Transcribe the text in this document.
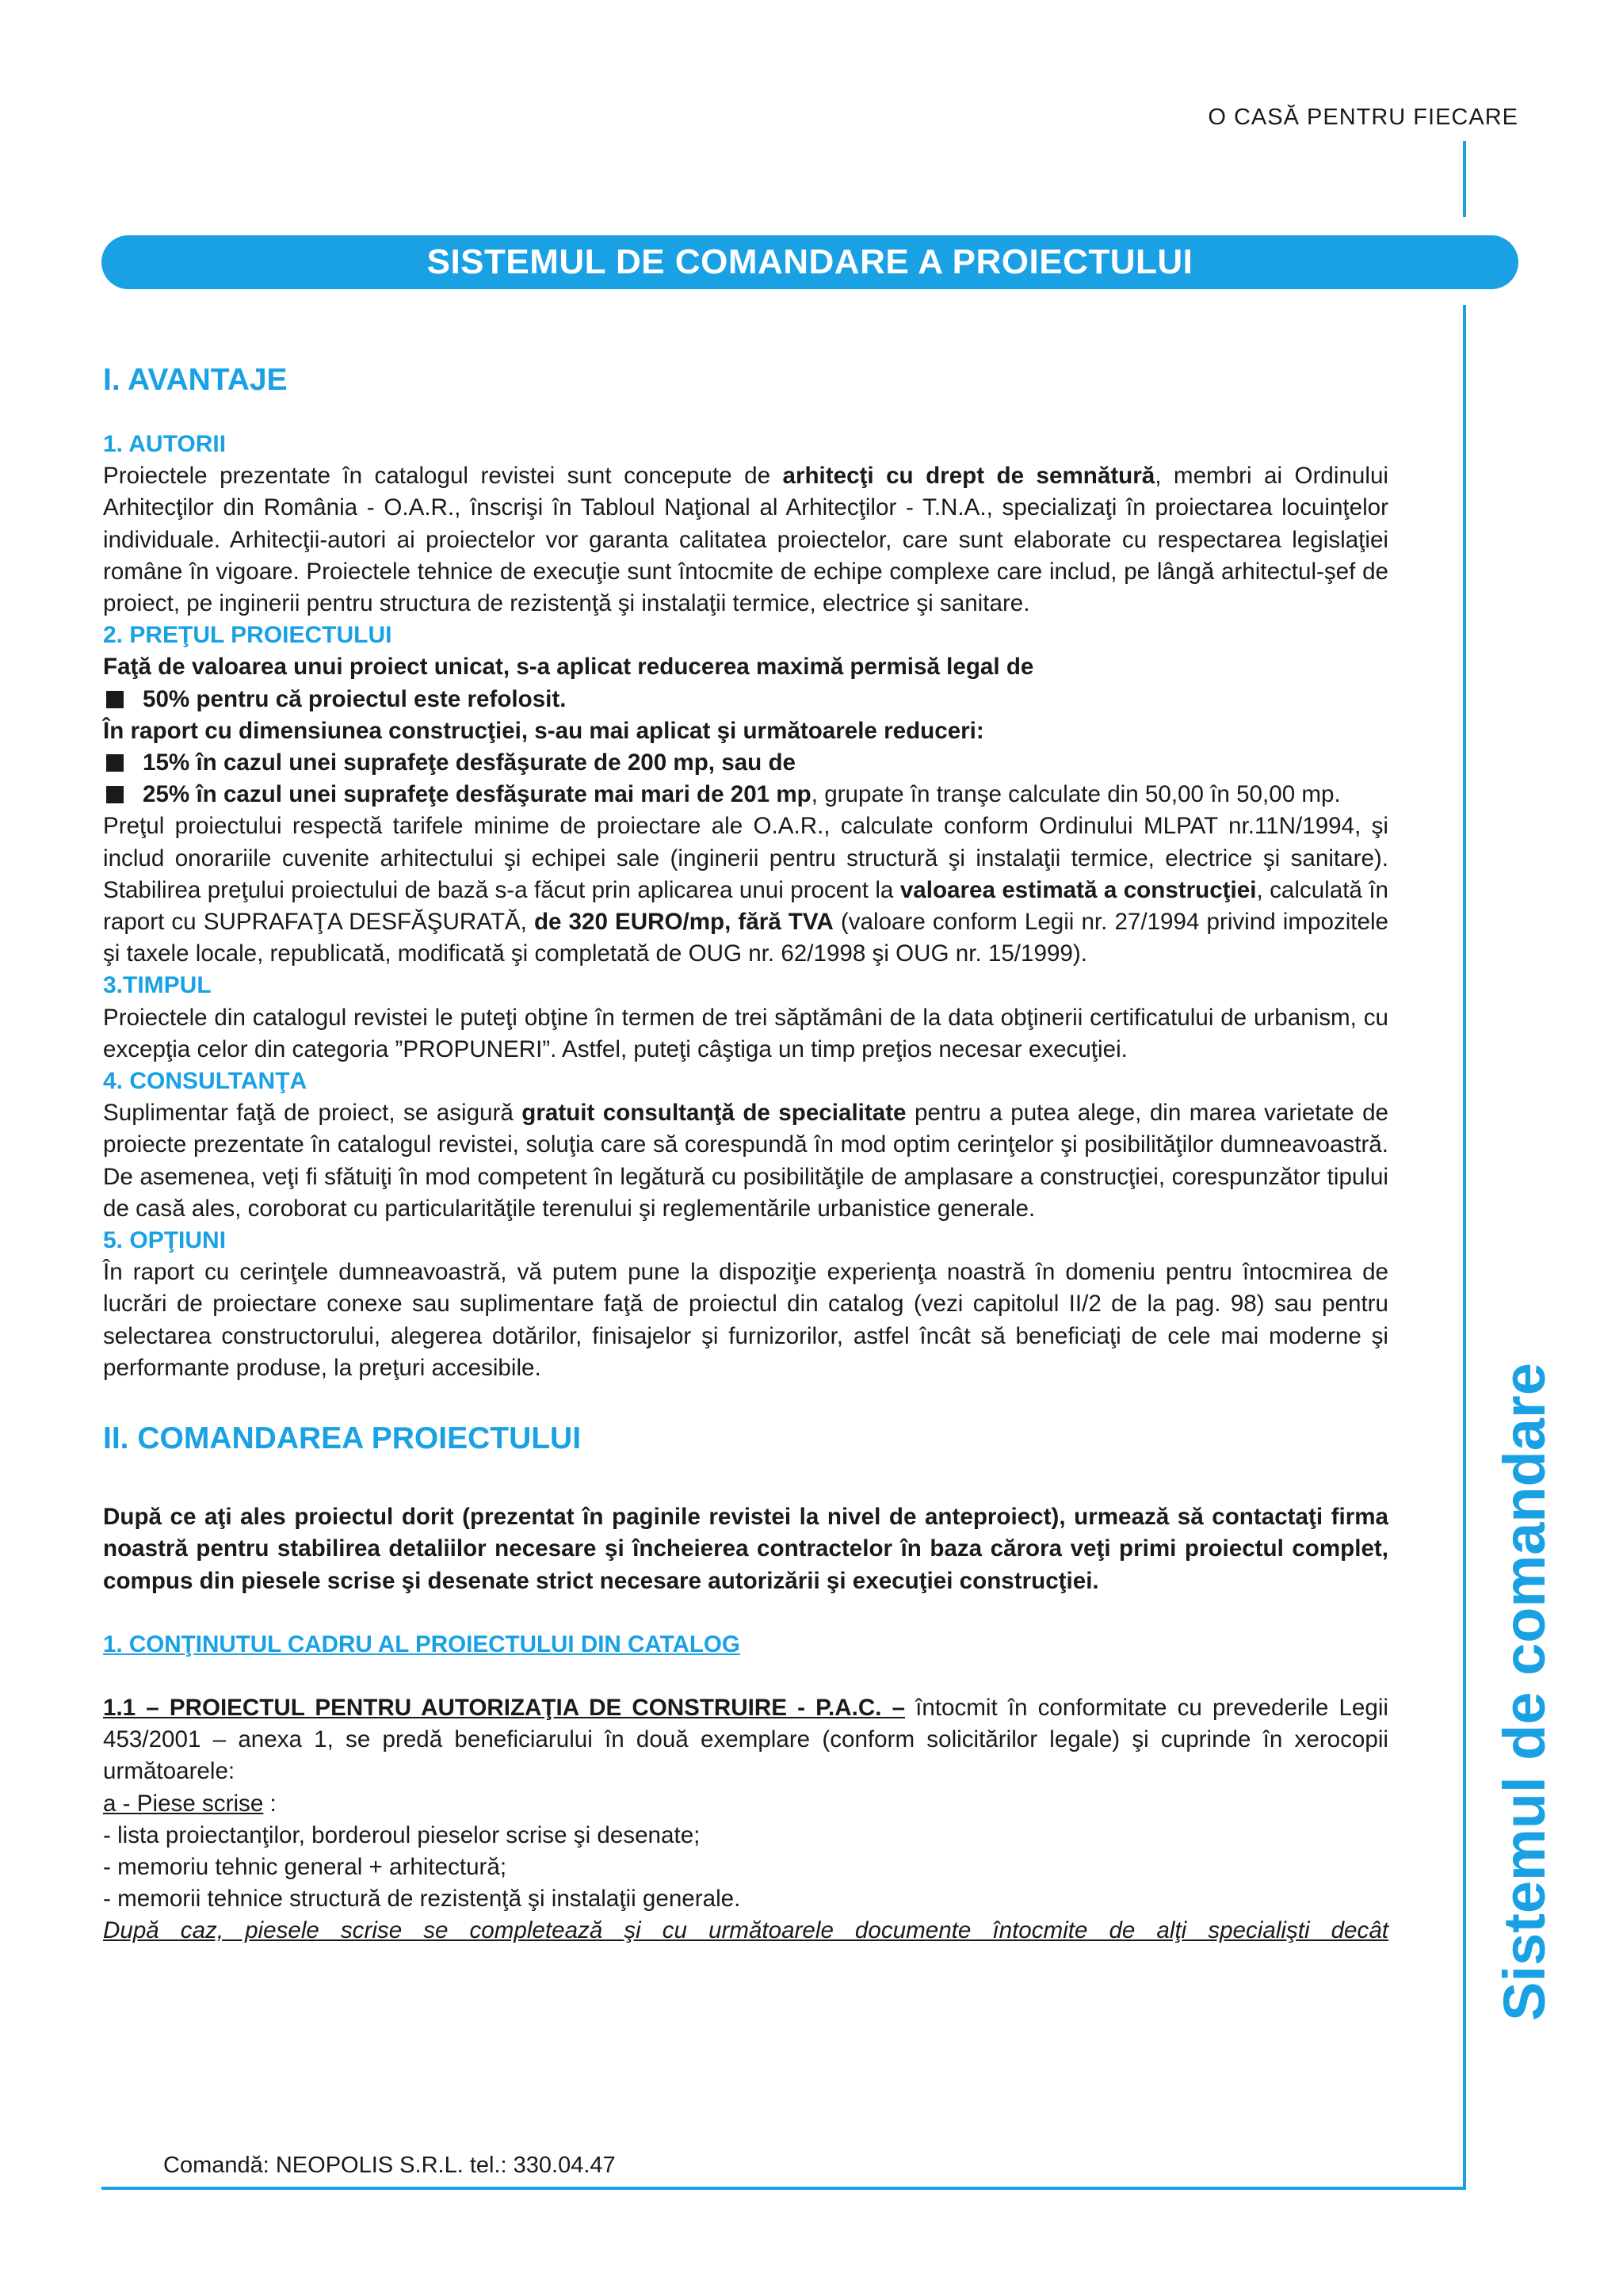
O CASĂ PENTRU FIECARE
SISTEMUL DE COMANDARE A PROIECTULUI
Sistemul de comandare
I. AVANTAJE
1. AUTORII

Proiectele prezentate în catalogul revistei sunt concepute de arhitecţi cu drept de semnătură, membri ai Ordinului Arhitecţilor din România - O.A.R., înscrişi în Tabloul Naţional al Arhitecţilor - T.N.A., specializaţi în proiectarea locuinţelor individuale. Arhitecţii-autori ai proiectelor vor garanta calitatea proiectelor, care sunt elaborate cu respectarea legislaţiei române în vigoare. Proiectele tehnice de execuţie sunt întocmite de echipe complexe care includ, pe lângă arhitectul-şef de proiect, pe inginerii pentru structura de rezistenţă şi instalaţii termice, electrice şi sanitare.

2. PREŢUL PROIECTULUI

Faţă de valoarea unui proiect unicat, s-a aplicat reducerea maximă permisă legal de

50% pentru că proiectul este refolosit.

În raport cu dimensiunea construcţiei, s-au mai aplicat şi următoarele reduceri:

15% în cazul unei suprafeţe desfăşurate de 200 mp, sau de

25% în cazul unei suprafeţe desfăşurate mai mari de 201 mp, grupate în tranşe calculate din 50,00 în 50,00 mp.

Preţul proiectului respectă tarifele minime de proiectare ale O.A.R., calculate conform Ordinului MLPAT nr.11N/1994, şi includ onorariile cuvenite arhitectului şi echipei sale (inginerii pentru structură şi instalaţii termice, electrice şi sanitare). Stabilirea preţului proiectului de bază s-a făcut prin aplicarea unui procent la valoarea estimată a construcţiei, calculată în raport cu SUPRAFAŢA DESFĂŞURATĂ, de 320 EURO/mp, fără TVA (valoare conform Legii nr. 27/1994 privind impozitele şi taxele locale, republicată, modificată şi completată de OUG nr. 62/1998 şi OUG nr. 15/1999).

3.TIMPUL

Proiectele din catalogul revistei le puteţi obţine în termen de trei săptămâni de la data obţinerii certificatului de urbanism, cu excepţia celor din categoria ”PROPUNERI”. Astfel, puteţi câştiga un timp preţios necesar execuţiei.

4. CONSULTANŢA

Suplimentar faţă de proiect, se asigură gratuit consultanţă de specialitate pentru a putea alege, din marea varietate de proiecte prezentate în catalogul revistei, soluţia care să corespundă în mod optim cerinţelor şi posibilităţilor dumneavoastră. De asemenea, veţi fi sfătuiţi în mod competent în legătură cu posibilităţile de amplasare a construcţiei, corespunzător tipului de casă ales, coroborat cu particularităţile terenului şi reglementările urbanistice generale.

5. OPŢIUNI

În raport cu cerinţele dumneavoastră, vă putem pune la dispoziţie experienţa noastră în domeniu pentru întocmirea de lucrări de proiectare conexe sau suplimentare faţă de proiectul din catalog (vezi capitolul II/2 de la pag. 98) sau pentru selectarea constructorului, alegerea dotărilor, finisajelor şi furnizorilor, astfel încât să beneficiaţi de cele mai moderne şi performante produse, la preţuri accesibile.

II. COMANDAREA PROIECTULUI

După ce aţi ales proiectul dorit (prezentat în paginile revistei la nivel de anteproiect), urmează să contactaţi firma noastră pentru stabilirea detaliilor necesare şi încheierea contractelor în baza cărora veţi primi proiectul complet, compus din piesele scrise şi desenate strict necesare autorizării şi execuţiei construcţiei.

1. CONŢINUTUL CADRU AL PROIECTULUI DIN CATALOG

1.1 – PROIECTUL PENTRU AUTORIZAŢIA DE CONSTRUIRE - P.A.C. – întocmit în conformitate cu prevederile Legii 453/2001 – anexa 1, se predă beneficiarului în două exemplare (conform solicitărilor legale) şi cuprinde în xerocopii următoarele:

a - Piese scrise :

- lista proiectanţilor, borderoul pieselor scrise şi desenate;

- memoriu tehnic general + arhitectură;

- memorii tehnice structură de rezistenţă şi instalaţii generale.

După caz, piesele scrise se completează şi cu următoarele documente întocmite de alţi specialişti decât

Comandă: NEOPOLIS S.R.L. tel.: 330.04.47
